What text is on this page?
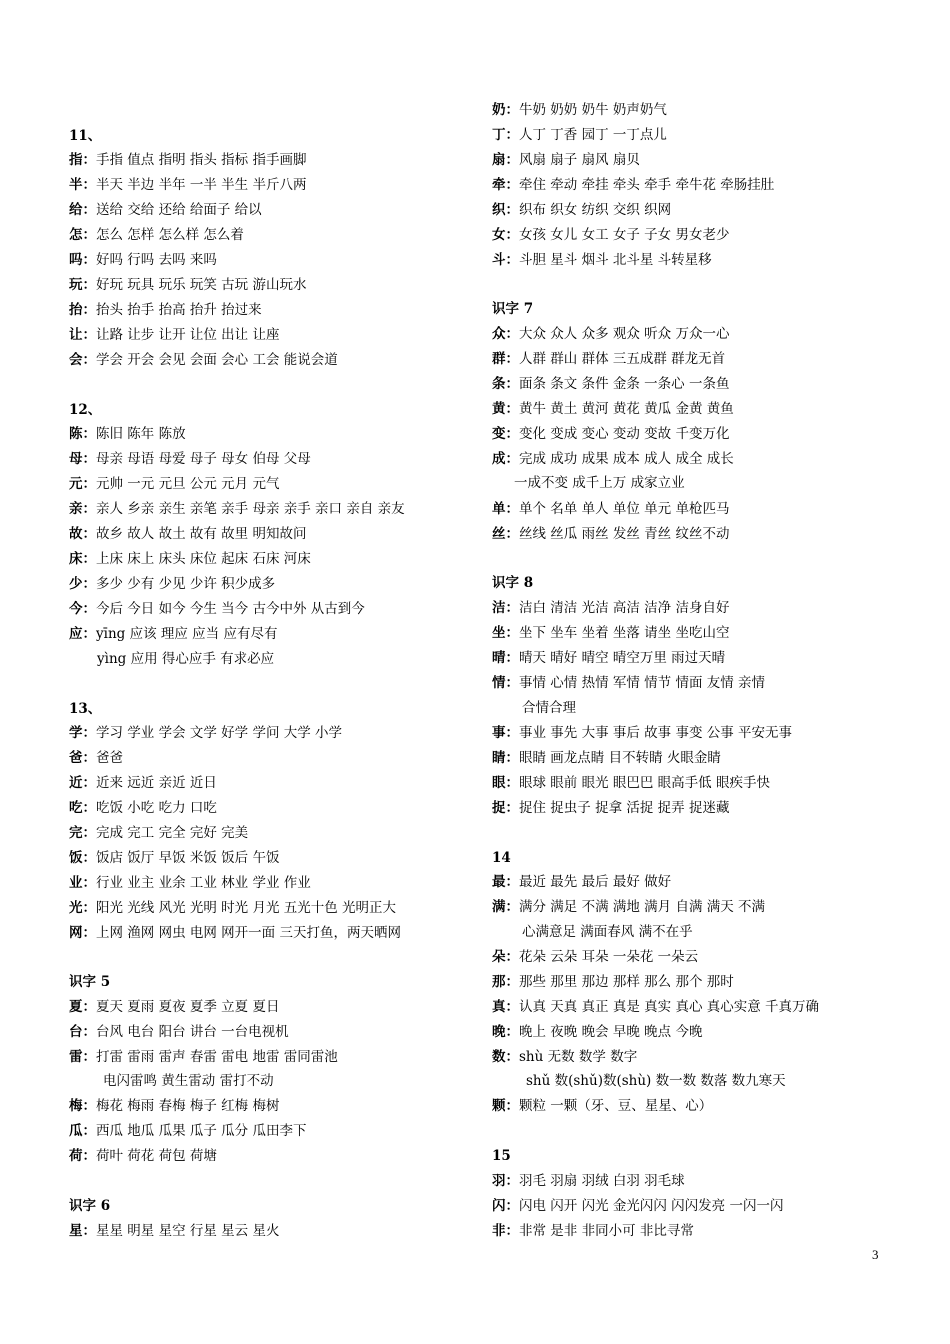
11、
指：手指 值点 指明 指头 指标 指手画脚
半：半天 半边 半年 一半 半生 半斤八两
给：送给 交给 还给 给面子 给以
怎：怎么 怎样 怎么样 怎么着
吗：好吗 行吗 去吗 来吗
玩：好玩 玩具 玩乐 玩笑 古玩 游山玩水
抬：抬头 抬手 抬高 抬升 抬过来
让：让路 让步 让开 让位 出让 让座
会：学会 开会 会见 会面 会心 工会 能说会道
12、
陈：陈旧 陈年 陈放
母：母亲 母语 母爱 母子 母女 伯母 父母
元：元帅 一元 元旦 公元 元月 元气
亲：亲人 乡亲 亲生 亲笔 亲手 母亲 亲手 亲口 亲自 亲友
故：故乡 故人 故土 故有 故里 明知故问
床：上床 床上 床头 床位 起床 石床 河床
少：多少 少有 少见 少许 积少成多
今：今后 今日 如今 今生 当今 古今中外 从古到今
应：yīng 应该 理应 应当 应有尽有
yìng 应用 得心应手 有求必应
13、
学：学习 学业 学会 文学 好学 学问 大学 小学
爸：爸爸
近：近来 远近 亲近 近日
吃：吃饭 小吃 吃力 口吃
完：完成 完工 完全 完好 完美
饭：饭店 饭厅 早饭 米饭 饭后 午饭
业：行业 业主 业余 工业 林业 学业 作业
光：阳光 光线 风光 光明 时光 月光 五光十色 光明正大
网：上网 渔网 网虫 电网 网开一面 三天打鱼，两天晒网
识字 5
夏：夏天 夏雨 夏夜 夏季 立夏 夏日
台：台风 电台 阳台 讲台 一台电视机
雷：打雷 雷雨 雷声 春雷 雷电 地雷 雷同雷池
电闪雷鸣 黄生雷动 雷打不动
梅：梅花 梅雨 春梅 梅子 红梅 梅树
瓜：西瓜 地瓜 瓜果 瓜子 瓜分 瓜田李下
荷：荷叶 荷花 荷包 荷塘
识字 6
星：星星 明星 星空 行星 星云 星火
奶：牛奶 奶奶 奶牛 奶声奶气
丁：人丁 丁香 园丁 一丁点儿
扇：风扇 扇子 扇风 扇贝
牵：牵住 牵动 牵挂 牵头 牵手 牵牛花 牵肠挂肚
织：织布 织女 纺织 交织 织网
女：女孩 女儿 女工 女子 子女 男女老少
斗：斗胆 星斗 烟斗 北斗星 斗转星移
识字 7
众：大众 众人 众多 观众 听众 万众一心
群：人群 群山 群体 三五成群 群龙无首
条：面条 条文 条件 金条 一条心 一条鱼
黄：黄牛 黄土 黄河 黄花 黄瓜 金黄 黄鱼
变：变化 变成 变心 变动 变故 千变万化
成：完成 成功 成果 成本 成人 成全 成长
一成不变 成千上万 成家立业
单：单个 名单 单人 单位 单元 单枪匹马
丝：丝线 丝瓜 雨丝 发丝 青丝 纹丝不动
识字 8
洁：洁白 清洁 光洁 高洁 洁净 洁身自好
坐：坐下 坐车 坐着 坐落 请坐 坐吃山空
晴：晴天 晴好 晴空 晴空万里 雨过天晴
情：事情 心情 热情 军情 情节 情面 友情 亲情
合情合理
事：事业 事先 大事 事后 故事 事变 公事 平安无事
睛：眼睛 画龙点睛 目不转睛 火眼金睛
眼：眼球 眼前 眼光 眼巴巴 眼高手低 眼疾手快
捉：捉住 捉虫子 捉拿 活捉 捉弄 捉迷藏
14
最：最近 最先 最后 最好 做好
满：满分 满足 不满 满地 满月 自满 满天 不满
心满意足 满面春风 满不在乎
朵：花朵 云朵 耳朵 一朵花 一朵云
那：那些 那里 那边 那样 那么 那个 那时
真：认真 天真 真正 真是 真实 真心 真心实意 千真万确
晚：晚上 夜晚 晚会 早晚 晚点 今晚
数：shù 无数 数学 数字
shǔ 数(shǔ)数(shù) 数一数 数落 数九寒天
颗：颗粒 一颗（牙、豆、星星、心）
15
羽：羽毛 羽扇 羽绒 白羽 羽毛球
闪：闪电 闪开 闪光 金光闪闪 闪闪发亮 一闪一闪
非：非常 是非 非同小可 非比寻常
3
